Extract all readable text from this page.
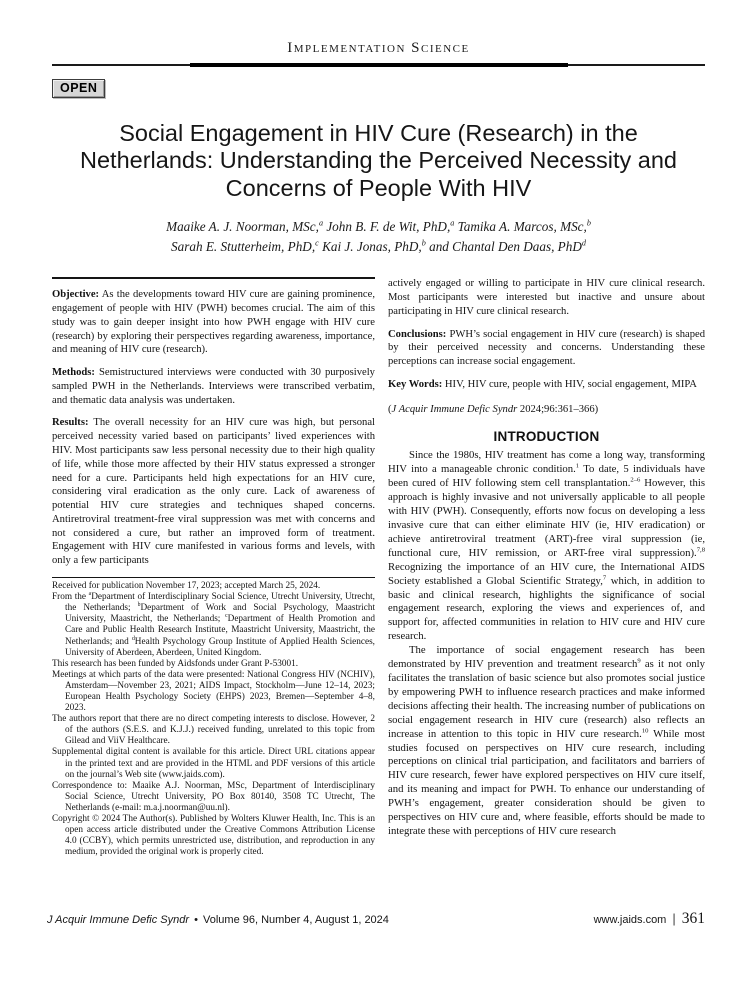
Implementation Science
OPEN
Social Engagement in HIV Cure (Research) in the
Netherlands: Understanding the Perceived Necessity and
Concerns of People With HIV
Maaike A. J. Noorman, MSc,$^a$ John B. F. de Wit, PhD,$^a$ Tamika A. Marcos, MSc,$^b$
Sarah E. Stutterheim, PhD,$^c$ Kai J. Jonas, PhD,$^b$ and Chantal Den Daas, PhD$^d$

Objective: As the developments toward HIV cure are gaining prominence, engagement of people with HIV (PWH) becomes crucial. The aim of this study was to gain deeper insight into how PWH engage with HIV cure (research) by exploring their perspectives regarding awareness, importance, and meaning of HIV cure (research).

Methods: Semistructured interviews were conducted with 30 purposively sampled PWH in the Netherlands. Interviews were transcribed verbatim, and thematic data analysis was undertaken.

Results: The overall necessity for an HIV cure was high, but personal perceived necessity varied based on participants’ lived experiences with HIV. Most participants saw less personal necessity due to their high quality of life, while those more affected by their HIV status expressed a stronger need for a cure. Participants held high expectations for an HIV cure, considering viral eradication as the only cure. Lack of awareness of potential HIV cure strategies and techniques shaped concerns. Antiretroviral treatment-free viral suppression was met with concerns and not considered a cure, but rather an improved form of treatment. Engagement with HIV cure manifested in various forms and levels, with only a few participants

Received for publication November 17, 2023; accepted March 25, 2024.

From the $^a$Department of Interdisciplinary Social Science, Utrecht University, Utrecht, the Netherlands; $^b$Department of Work and Social Psychology, Maastricht University, Maastricht, the Netherlands; $^c$Department of Health Promotion and Care and Public Health Research Institute, Maastricht University, Maastricht, the Netherlands; and $^d$Health Psychology Group Institute of Applied Health Sciences, University of Aberdeen, Aberdeen, United Kingdom.

This research has been funded by Aidsfonds under Grant P-53001.

Meetings at which parts of the data were presented: National Congress HIV (NCHIV), Amsterdam—November 23, 2021; AIDS Impact, Stockholm—June 12–14, 2023; European Health Psychology Society (EHPS) 2023, Bremen—September 4–8, 2023.

The authors report that there are no direct competing interests to disclose. However, 2 of the authors (S.E.S. and K.J.J.) received funding, unrelated to this topic from Gilead and ViiV Healthcare.

Supplemental digital content is available for this article. Direct URL citations appear in the printed text and are provided in the HTML and PDF versions of this article on the journal’s Web site (www.jaids.com).

Correspondence to: Maaike A.J. Noorman, MSc, Department of Interdisciplinary Social Science, Utrecht University, PO Box 80140, 3508 TC Utrecht, The Netherlands (e-mail: m.a.j.noorman@uu.nl).

Copyright © 2024 The Author(s). Published by Wolters Kluwer Health, Inc. This is an open access article distributed under the Creative Commons Attribution License 4.0 (CCBY), which permits unrestricted use, distribution, and reproduction in any medium, provided the original work is properly cited.

actively engaged or willing to participate in HIV cure clinical research. Most participants were interested but inactive and unsure about participating in HIV cure clinical research.

Conclusions: PWH’s social engagement in HIV cure (research) is shaped by their perceived necessity and concerns. Understanding these perceptions can increase social engagement.

Key Words: HIV, HIV cure, people with HIV, social engagement, MIPA

(J Acquir Immune Defic Syndr 2024;96:361–366)

INTRODUCTION

Since the 1980s, HIV treatment has come a long way, transforming HIV into a manageable chronic condition.$^1$ To date, 5 individuals have been cured of HIV following stem cell transplantation.$^{2-6}$ However, this approach is highly invasive and not universally applicable to all people with HIV (PWH). Consequently, efforts now focus on developing a less invasive cure that can either eliminate HIV (ie, HIV eradication) or achieve antiretroviral treatment (ART)-free viral suppression (ie, functional cure, HIV remission, or ART-free viral suppression).$^{7,8}$ Recognizing the importance of an HIV cure, the International AIDS Society established a Global Scientific Strategy,$^7$ which, in addition to basic and clinical research, highlights the significance of social engagement research, exploring the views and experiences of, and support for, affected communities in relation to HIV cure and HIV cure research.

The importance of social engagement research has been demonstrated by HIV prevention and treatment research$^9$ as it not only facilitates the translation of basic science but also promotes social justice by empowering PWH to influence research practices and make informed decisions affecting their health. The increasing number of publications on social engagement research in HIV cure (research) also reflects an increase in attention to this topic in HIV cure research.$^{10}$ While most studies focused on perspectives on HIV cure research, including perceptions on clinical trial participation, and facilitators and barriers of HIV cure research, fewer have explored perspectives on HIV cure itself, and its meaning and impact for PWH. To enhance our understanding of PWH’s engagement, greater consideration should be given to perspectives on HIV cure and, where feasible, efforts should be made to integrate these with perceptions of HIV cure research

J Acquir Immune Defic Syndr • Volume 96, Number 4, August 1, 2024	www.jaids.com | 361
